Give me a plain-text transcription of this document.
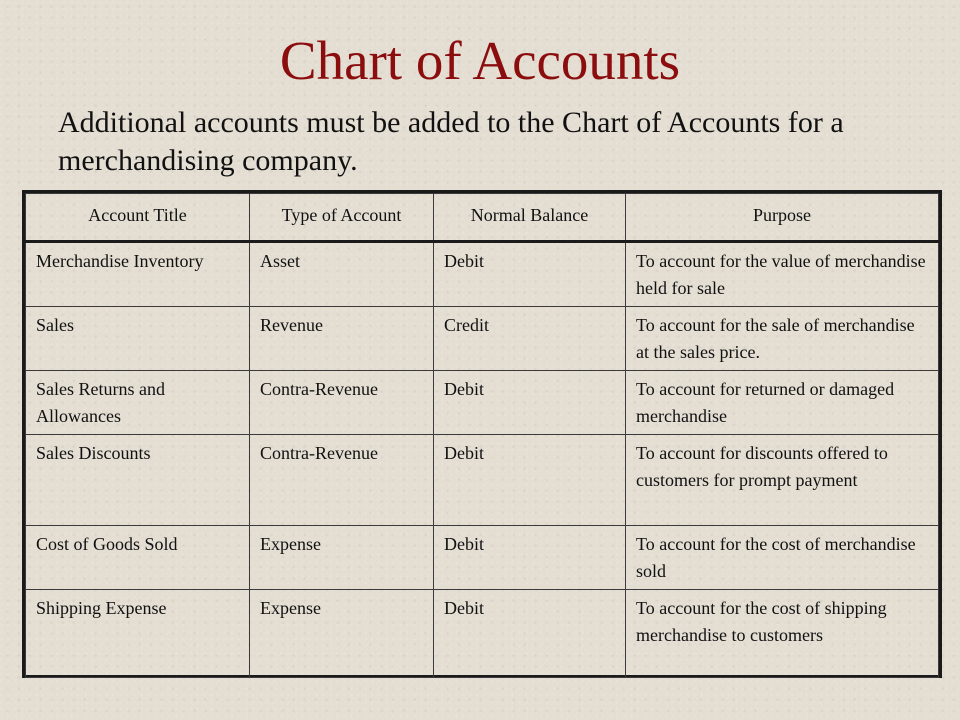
Chart of Accounts

Additional accounts must be added to the Chart of Accounts for a merchandising company.

Account Title	Type of Account	Normal Balance	Purpose
Merchandise Inventory	Asset	Debit	To account for the value of merchandise held for sale
Sales	Revenue	Credit	To account for the sale of merchandise at the sales price.
Sales Returns and Allowances	Contra-Revenue	Debit	To account for returned or damaged merchandise
Sales Discounts	Contra-Revenue	Debit	To account for discounts offered to customers for prompt payment
Cost of Goods Sold	Expense	Debit	To account for the cost of merchandise sold
Shipping Expense	Expense	Debit	To account for the cost of shipping merchandise to customers
